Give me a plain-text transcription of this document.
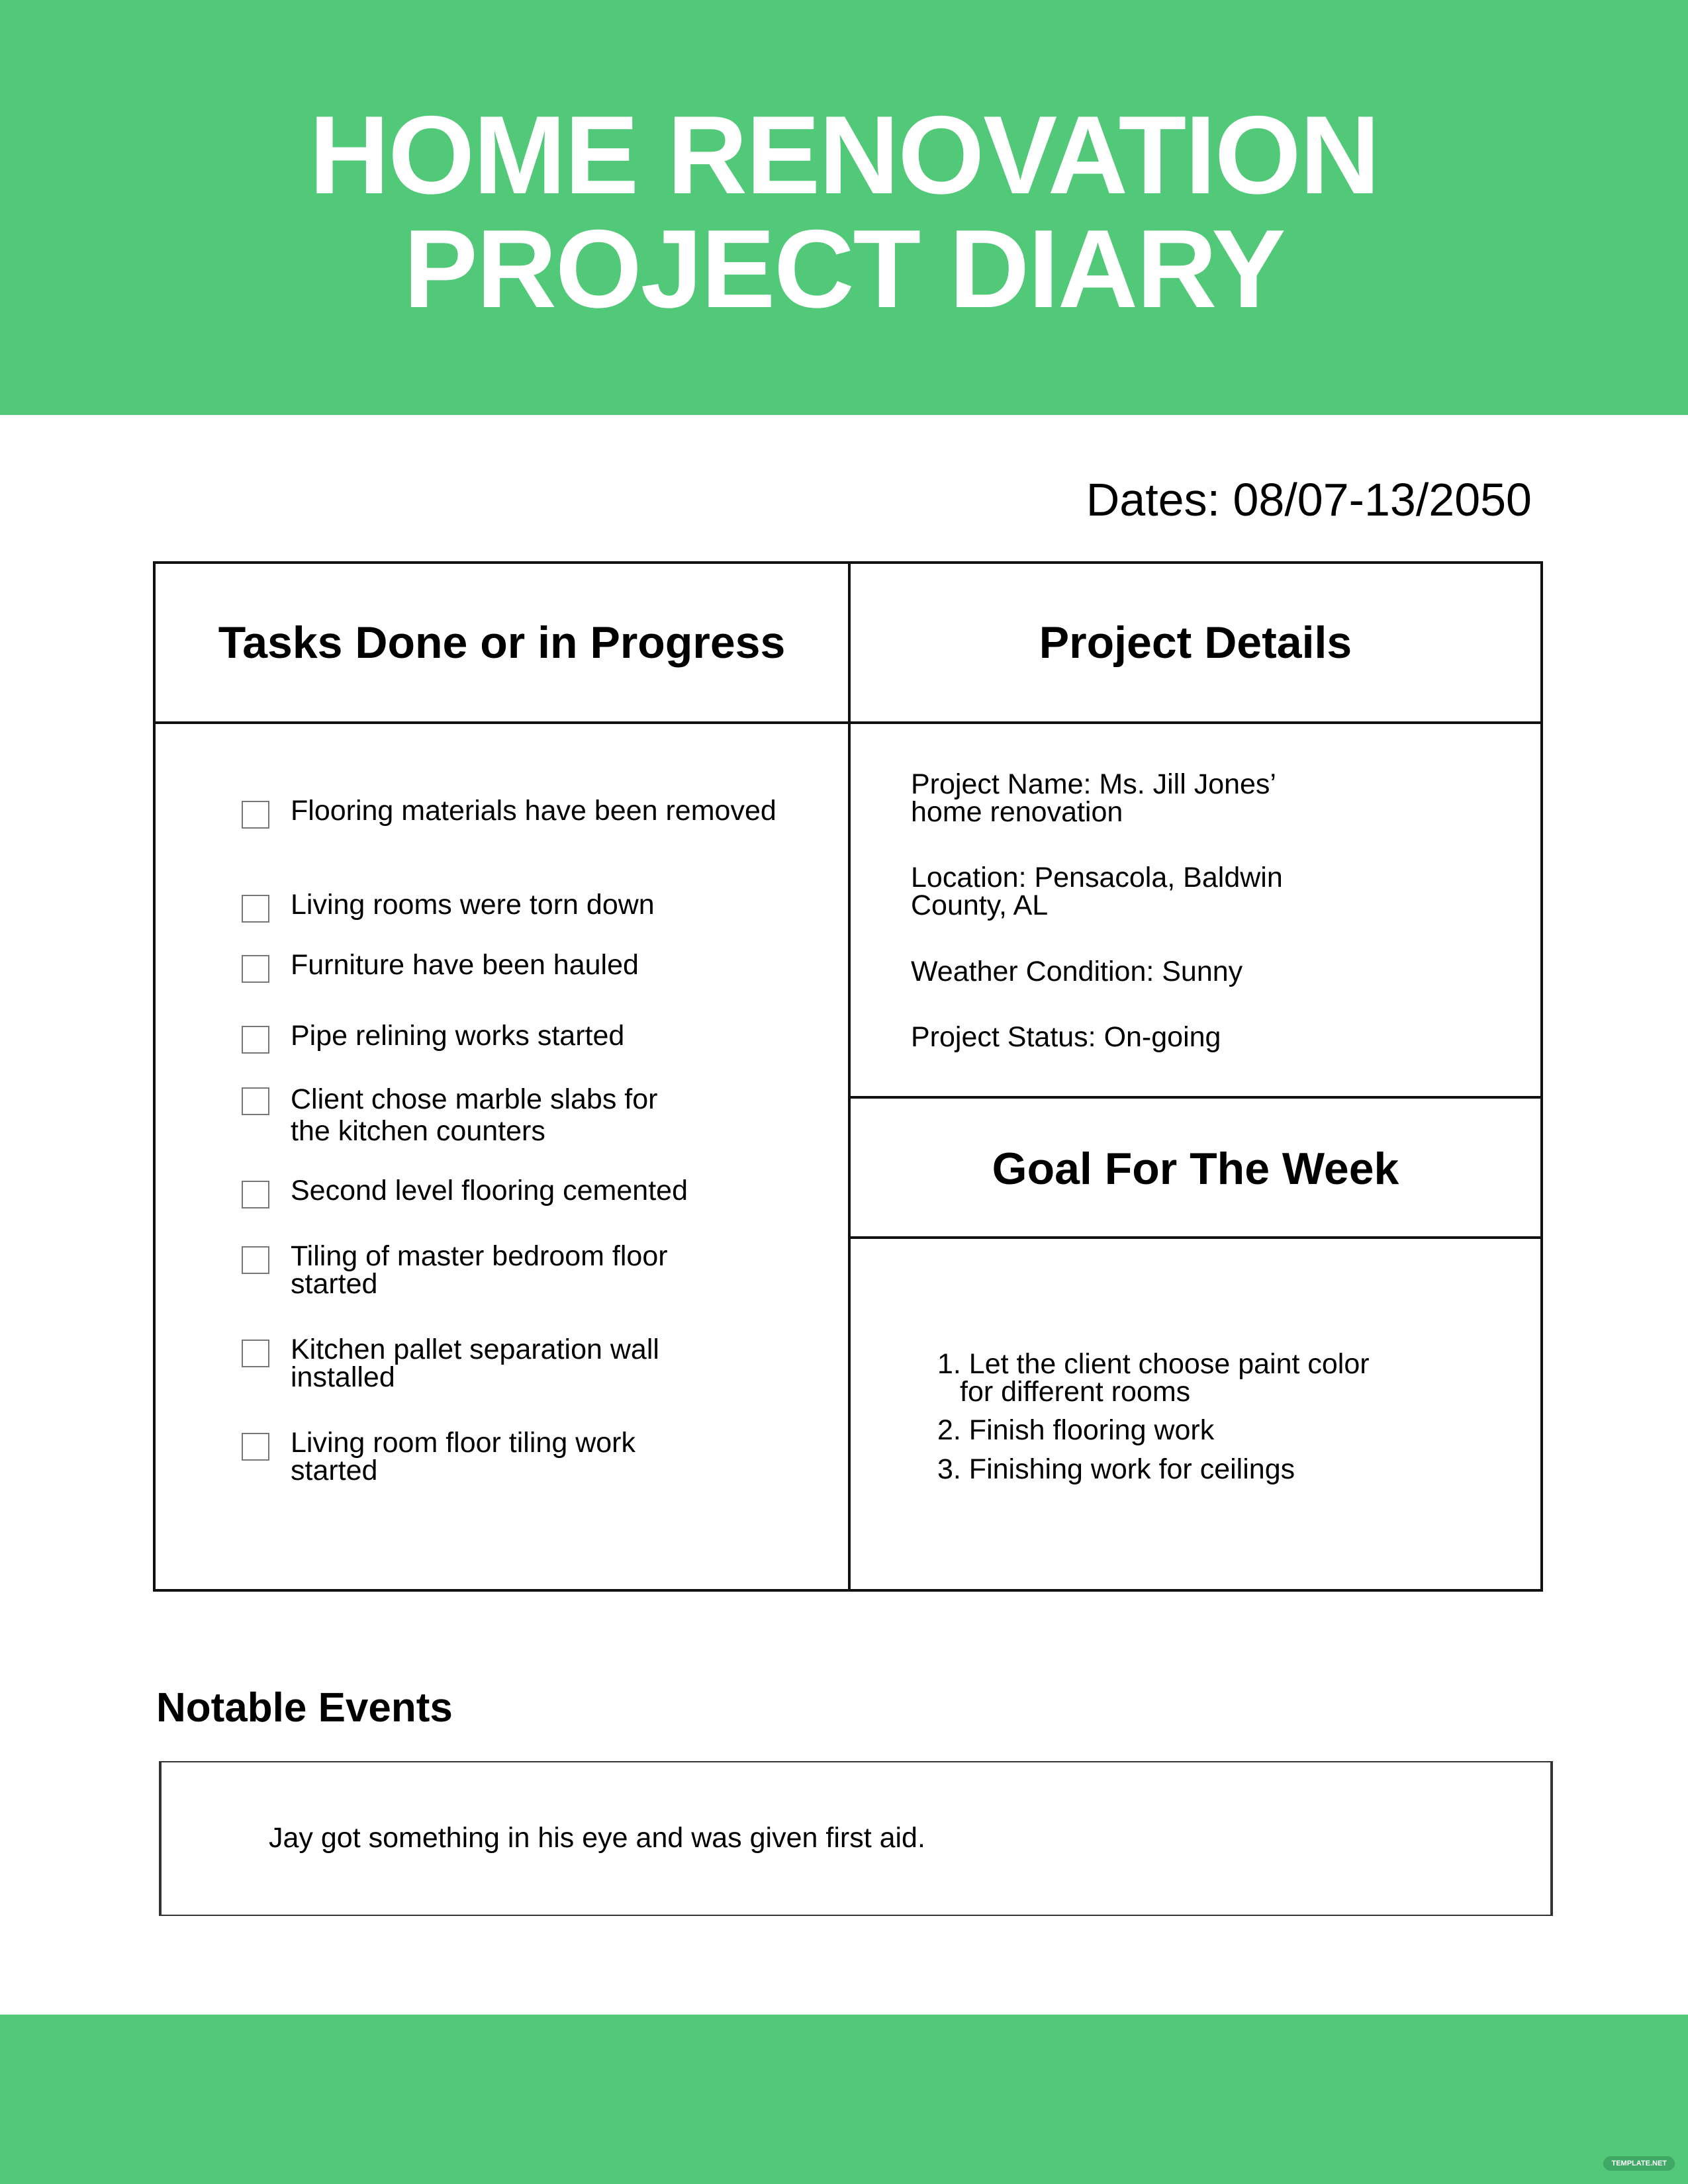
HOME RENOVATION
PROJECT DIARY
Dates: 08/07-13/2050
Tasks Done or in Progress	Project Details
Goal For The Week
Flooring materials have been removed
Living rooms were torn down
Furniture have been hauled
Pipe relining works started
Client chose marble slabs for the kitchen counters
Second level flooring cemented
Tiling of master bedroom floor started
Kitchen pallet separation wall installed
Living room floor tiling work started
Project Name: Ms. Jill Jones’ home renovation
Location: Pensacola, Baldwin County, AL
Weather Condition: Sunny
Project Status: On-going
1. Let the client choose paint color for different rooms
2. Finish flooring work
3. Finishing work for ceilings
Notable Events
Jay got something in his eye and was given first aid.
TEMPLATE.NET
